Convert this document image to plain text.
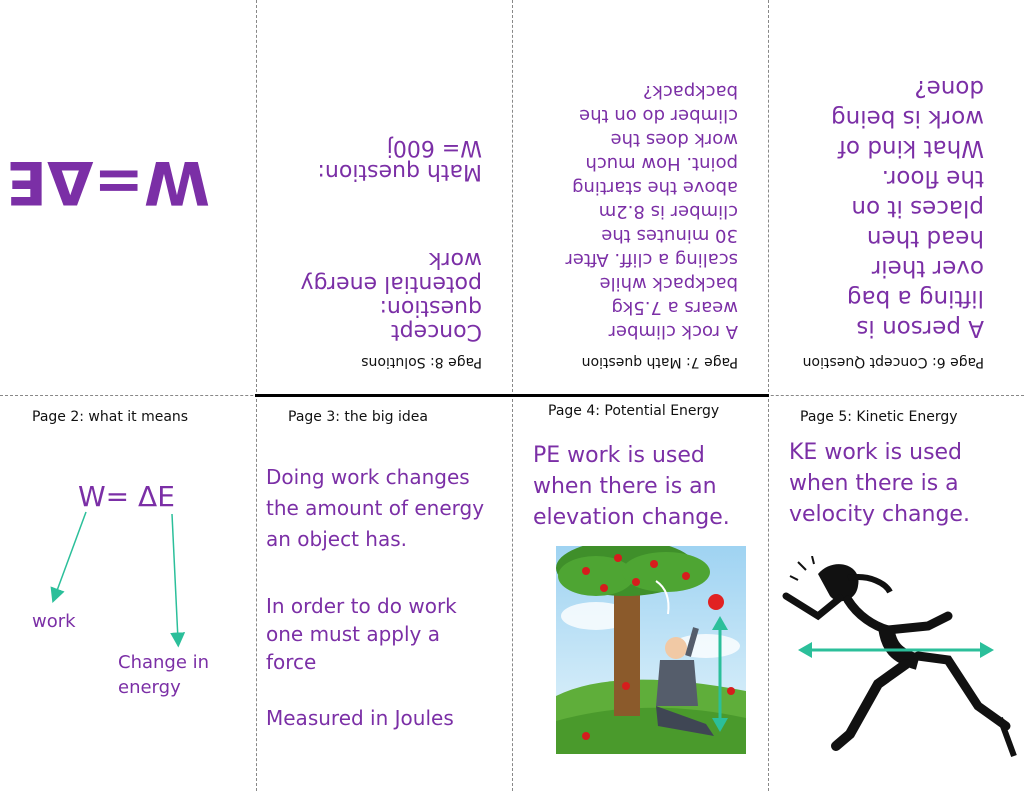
W=ΔE
Page 8: Solutions
Concept question:
potential energy work
Math question:
W= 600j
Page 7: Math question
A rock climber wears a 7.5kg backpack while scaling a cliff. After 30 minutes the climber is 8.2m above the starting point. How much work does the climber do on the backpack?
Page 6: Concept Question
A person is lifting a bag over their head then places it on the floor. What kind of work is being done?
Page 2: what it means
W= ΔE
work
Change in energy
Page 3: the big idea
Doing work changes the amount of energy an object has.
In order to do work one must apply a force
Measured in Joules
Page 4: Potential Energy
PE work is used when there is an elevation change.
Page 5: Kinetic Energy
KE work is used when there is a velocity change.
